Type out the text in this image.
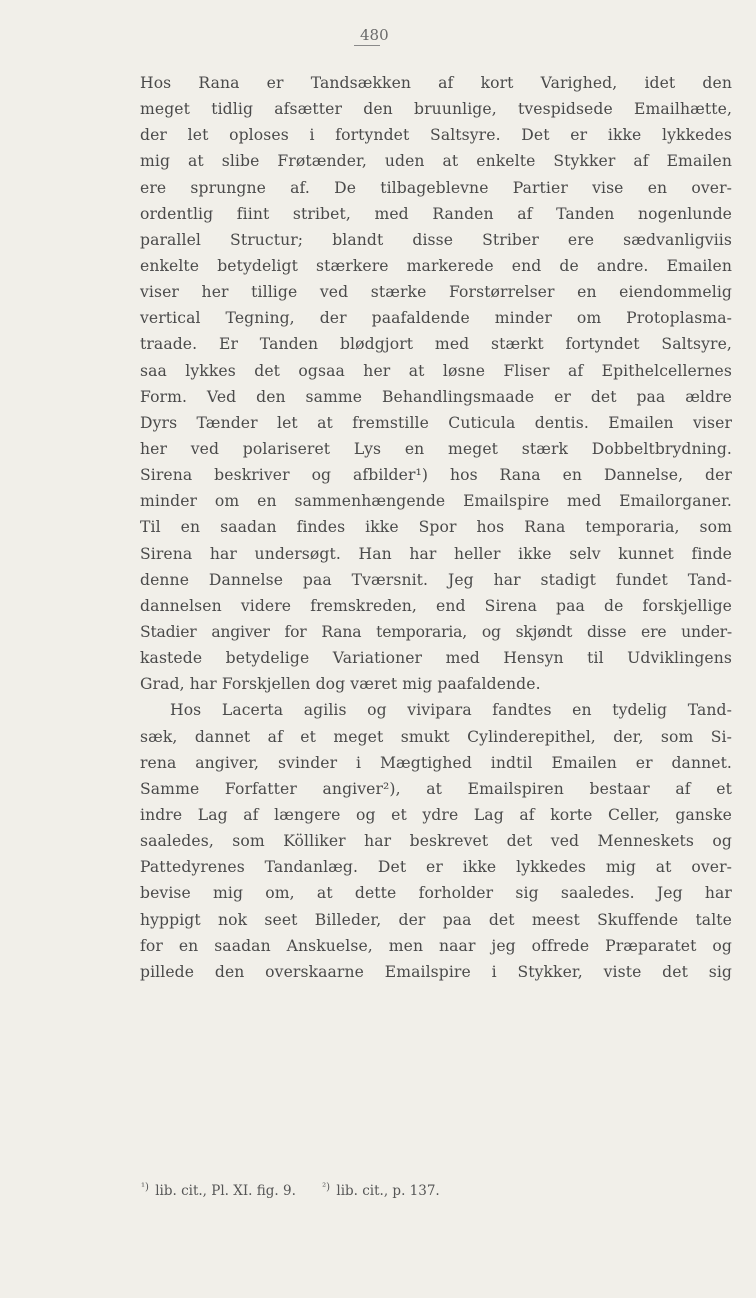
480
Hos Rana er Tandsækken af kort Varighed, idet den
meget tidlig afsætter den bruunlige, tvespidsede Emailhætte,
der let oploses i fortyndet Saltsyre. Det er ikke lykkedes
mig at slibe Frøtænder, uden at enkelte Stykker af Emailen
ere sprungne af. De tilbageblevne Partier vise en over-
ordentlig fiint stribet, med Randen af Tanden nogenlunde
parallel Structur; blandt disse Striber ere sædvanligviis
enkelte betydeligt stærkere markerede end de andre. Emailen
viser her tillige ved stærke Forstørrelser en eiendommelig
vertical Tegning, der paafaldende minder om Protoplasma-
traade. Er Tanden blødgjort med stærkt fortyndet Saltsyre,
saa lykkes det ogsaa her at løsne Fliser af Epithelcellernes
Form. Ved den samme Behandlingsmaade er det paa ældre
Dyrs Tænder let at fremstille Cuticula dentis. Emailen viser
her ved polariseret Lys en meget stærk Dobbeltbrydning.
Sirena beskriver og afbilder¹) hos Rana en Dannelse, der
minder om en sammenhængende Emailspire med Emailorganer.
Til en saadan findes ikke Spor hos Rana temporaria, som
Sirena har undersøgt. Han har heller ikke selv kunnet finde
denne Dannelse paa Tværsnit. Jeg har stadigt fundet Tand-
dannelsen videre fremskreden, end Sirena paa de forskjellige
Stadier angiver for Rana temporaria, og skjøndt disse ere under-
kastede betydelige Variationer med Hensyn til Udviklingens
Grad, har Forskjellen dog været mig paafaldende.
Hos Lacerta agilis og vivipara fandtes en tydelig Tand-
sæk, dannet af et meget smukt Cylinderepithel, der, som Si-
rena angiver, svinder i Mægtighed indtil Emailen er dannet.
Samme Forfatter angiver²), at Emailspiren bestaar af et
indre Lag af længere og et ydre Lag af korte Celler, ganske
saaledes, som Kölliker har beskrevet det ved Menneskets og
Pattedyrenes Tandanlæg. Det er ikke lykkedes mig at over-
bevise mig om, at dette forholder sig saaledes. Jeg har
hyppigt nok seet Billeder, der paa det meest Skuffende talte
for en saadan Anskuelse, men naar jeg offrede Præparatet og
pillede den overskaarne Emailspire i Stykker, viste det sig
$^{^1)}$ lib. cit., Pl. XI. fig. 9.	$^{^2)}$ lib. cit., p. 137.
